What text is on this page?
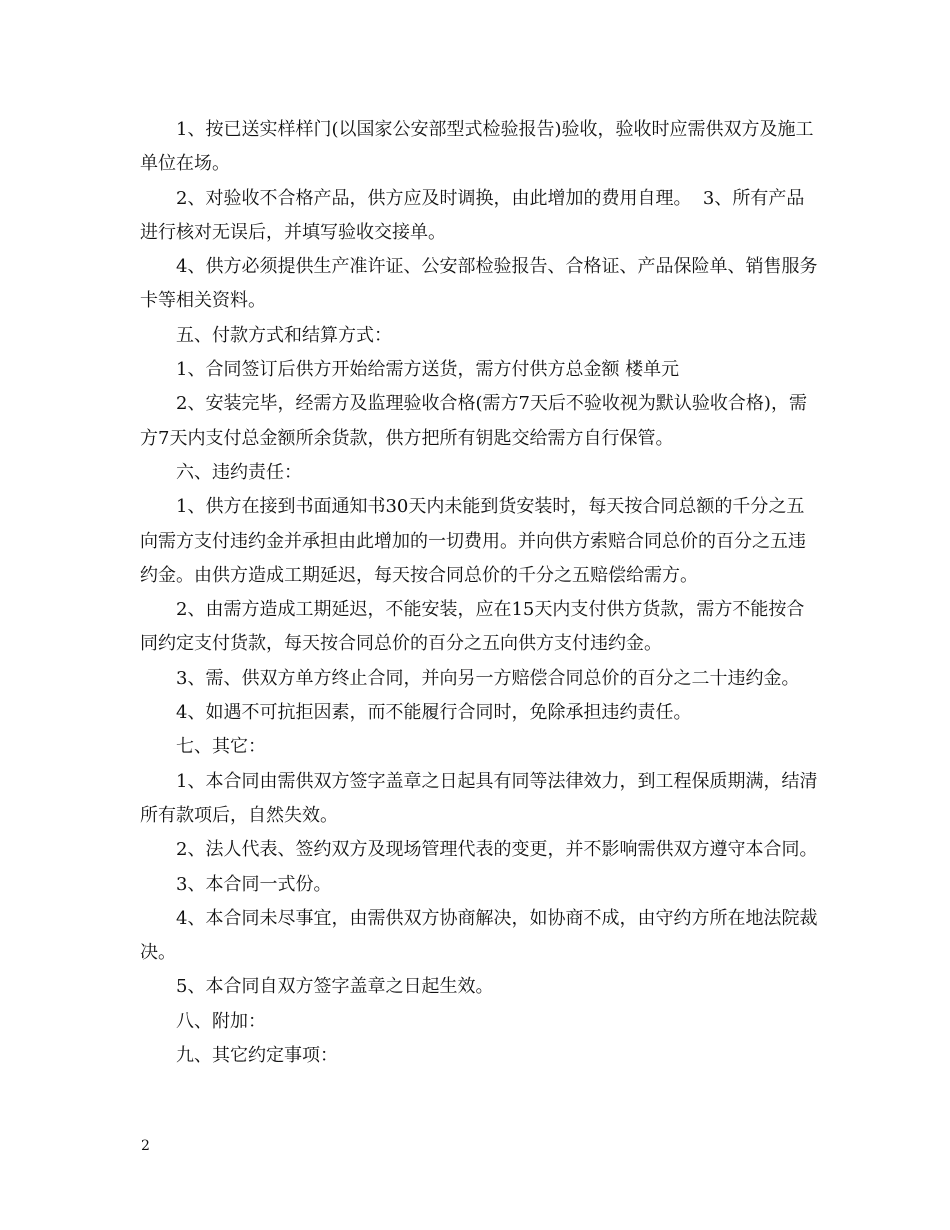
1、按已送实样样门(以国家公安部型式检验报告)验收，验收时应需供双方及施工单位在场。

2、对验收不合格产品，供方应及时调换，由此增加的费用自理。  3、所有产品进行核对无误后，并填写验收交接单。

4、供方必须提供生产准许证、公安部检验报告、合格证、产品保险单、销售服务卡等相关资料。

五、付款方式和结算方式：

1、合同签订后供方开始给需方送货，需方付供方总金额 楼单元

2、安装完毕，经需方及监理验收合格(需方7天后不验收视为默认验收合格)，需方7天内支付总金额所余货款，供方把所有钥匙交给需方自行保管。

六、违约责任：

1、供方在接到书面通知书30天内未能到货安装时，每天按合同总额的千分之五向需方支付违约金并承担由此增加的一切费用。并向供方索赔合同总价的百分之五违约金。由供方造成工期延迟，每天按合同总价的千分之五赔偿给需方。

2、由需方造成工期延迟，不能安装，应在15天内支付供方货款，需方不能按合同约定支付货款，每天按合同总价的百分之五向供方支付违约金。

3、需、供双方单方终止合同，并向另一方赔偿合同总价的百分之二十违约金。

4、如遇不可抗拒因素，而不能履行合同时，免除承担违约责任。

七、其它：

1、本合同由需供双方签字盖章之日起具有同等法律效力，到工程保质期满，结清所有款项后，自然失效。

2、法人代表、签约双方及现场管理代表的变更，并不影响需供双方遵守本合同。

3、本合同一式份。

4、本合同未尽事宜，由需供双方协商解决，如协商不成，由守约方所在地法院裁决。

5、本合同自双方签字盖章之日起生效。

八、附加：

九、其它约定事项：

2
